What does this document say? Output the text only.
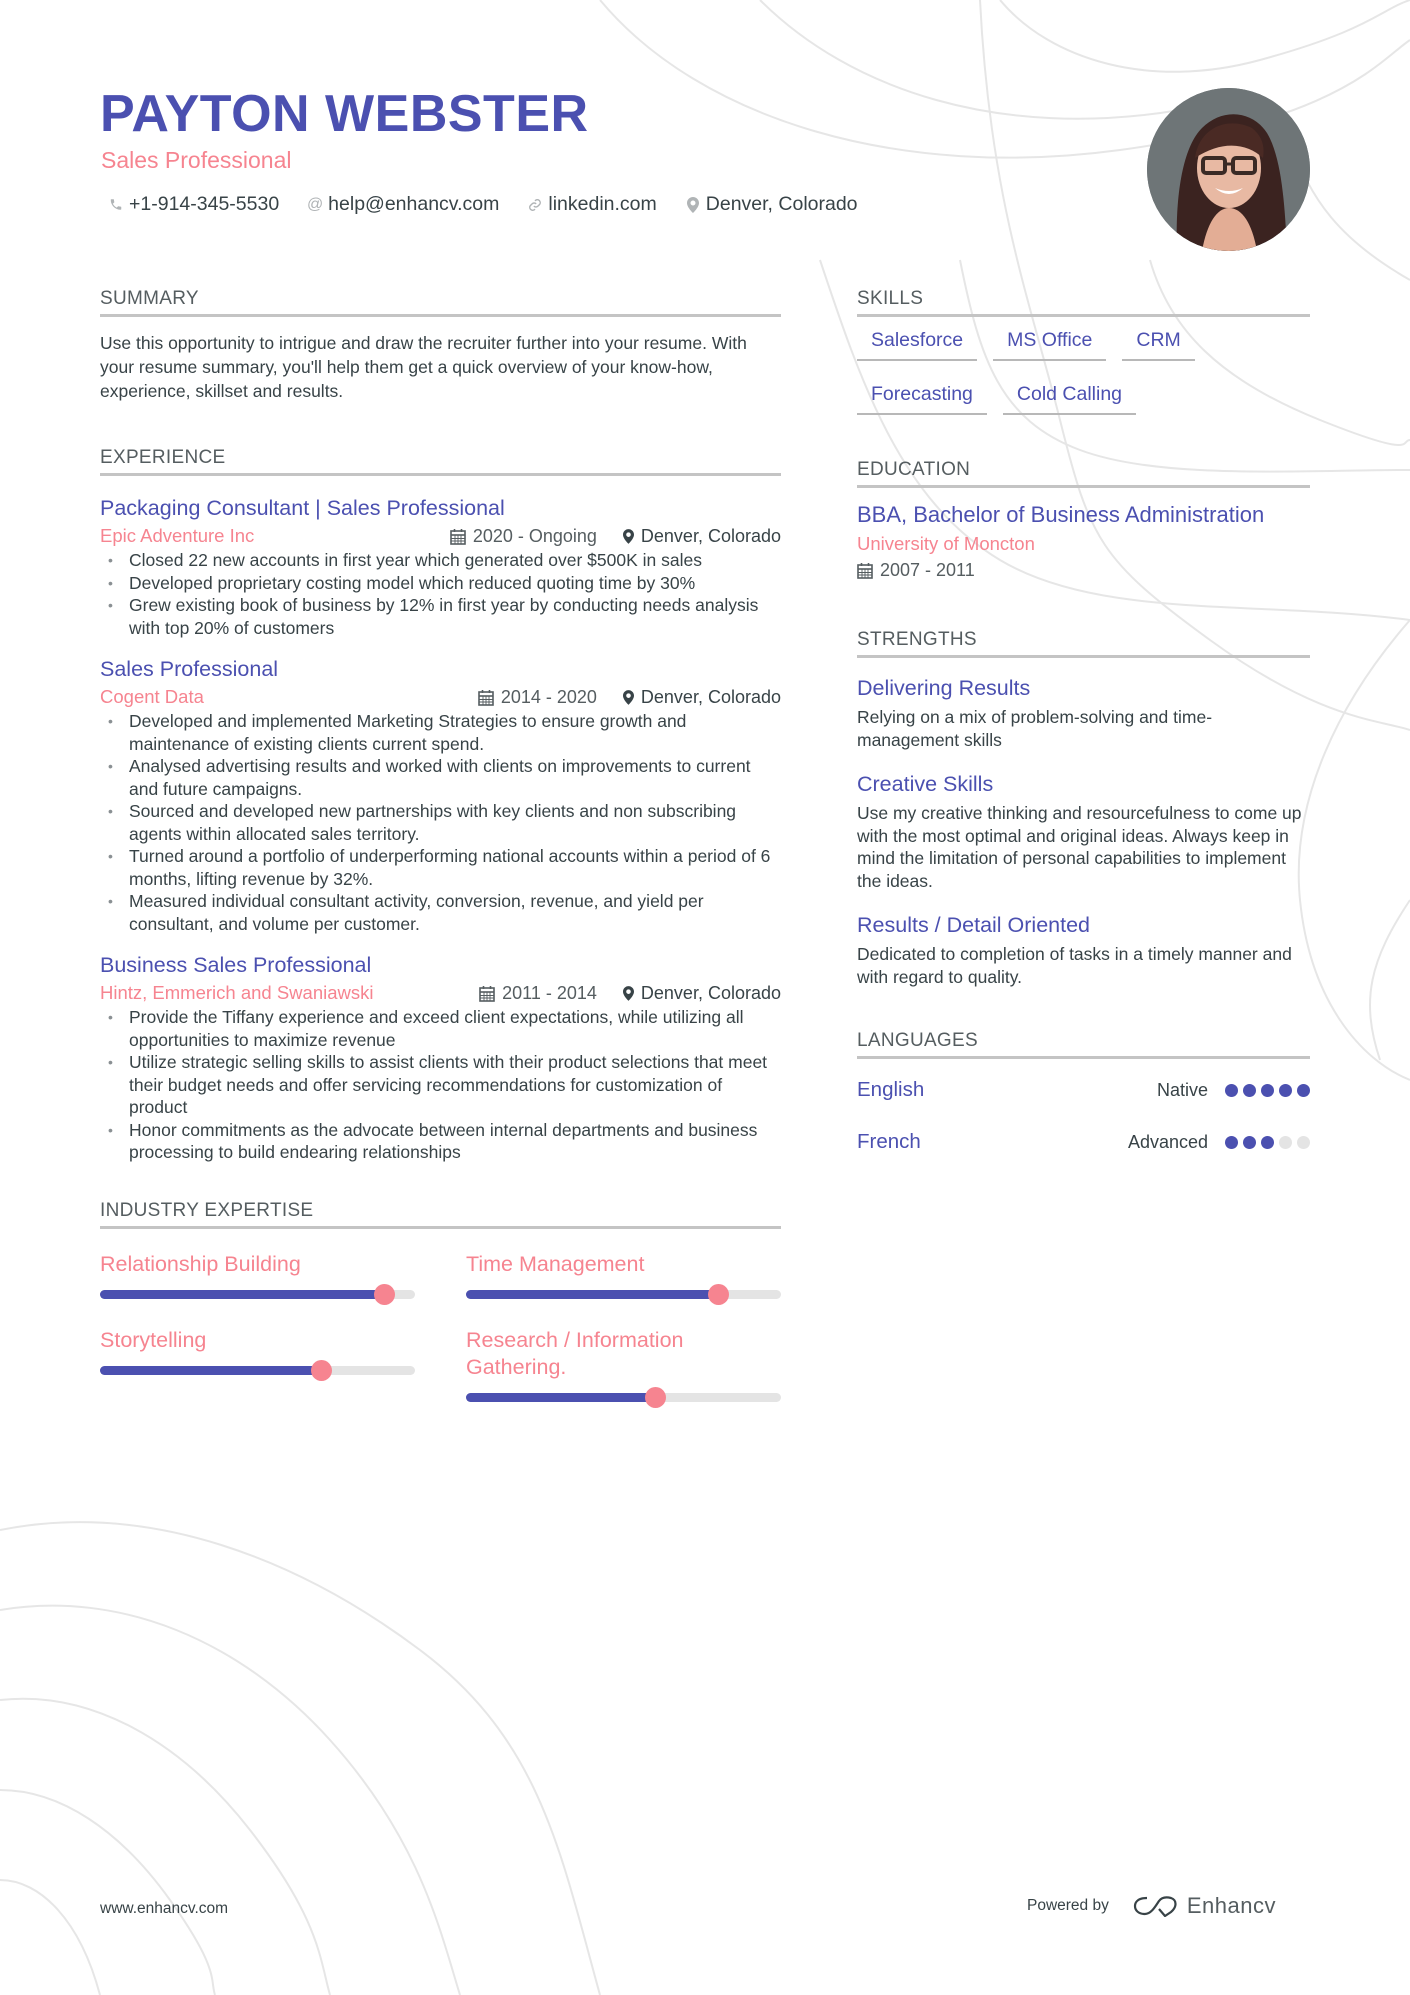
PAYTON WEBSTER
Sales Professional
+1-914-345-5530 @ help@enhancv.com	linkedin.com	Denver, Colorado
SUMMARY

Use this opportunity to intrigue and draw the recruiter further into your resume. With your resume summary, you'll help them get a quick overview of your know-how, experience, skillset and results.

EXPERIENCE
Packaging Consultant | Sales Professional
Epic Adventure Inc	2020 - Ongoing Denver, Colorado
• Closed 22 new accounts in first year which generated over $500K in sales
• Developed proprietary costing model which reduced quoting time by 30%
• Grew existing book of business by 12% in first year by conducting needs analysis with top 20% of customers
Sales Professional
Cogent Data	2014 - 2020 Denver, Colorado
• Developed and implemented Marketing Strategies to ensure growth and maintenance of existing clients current spend.
• Analysed advertising results and worked with clients on improvements to current and future campaigns.
• Sourced and developed new partnerships with key clients and non subscribing agents within allocated sales territory.
• Turned around a portfolio of underperforming national accounts within a period of 6 months, lifting revenue by 32%.
• Measured individual consultant activity, conversion, revenue, and yield per consultant, and volume per customer.
Business Sales Professional
Hintz, Emmerich and Swaniawski	2011 - 2014 Denver, Colorado
• Provide the Tiffany experience and exceed client expectations, while utilizing all opportunities to maximize revenue
• Utilize strategic selling skills to assist clients with their product selections that meet their budget needs and offer servicing recommendations for customization of product
• Honor commitments as the advocate between internal departments and business processing to build endearing relationships
INDUSTRY EXPERTISE
Relationship Building	Time Management
Storytelling	Research / Information Gathering.
SKILLS
Salesforce	MS Office	CRM
Forecasting	Cold Calling
EDUCATION
BBA, Bachelor of Business Administration
University of Moncton
2007 - 2011
STRENGTHS
Delivering Results
Relying on a mix of problem-solving and time-management skills
Creative Skills
Use my creative thinking and resourcefulness to come up with the most optimal and original ideas. Always keep in mind the limitation of personal capabilities to implement the ideas.
Results / Detail Oriented
Dedicated to completion of tasks in a timely manner and with regard to quality.
LANGUAGES
English	Native
French	Advanced
www.enhancv.com	Powered by	Enhancv
